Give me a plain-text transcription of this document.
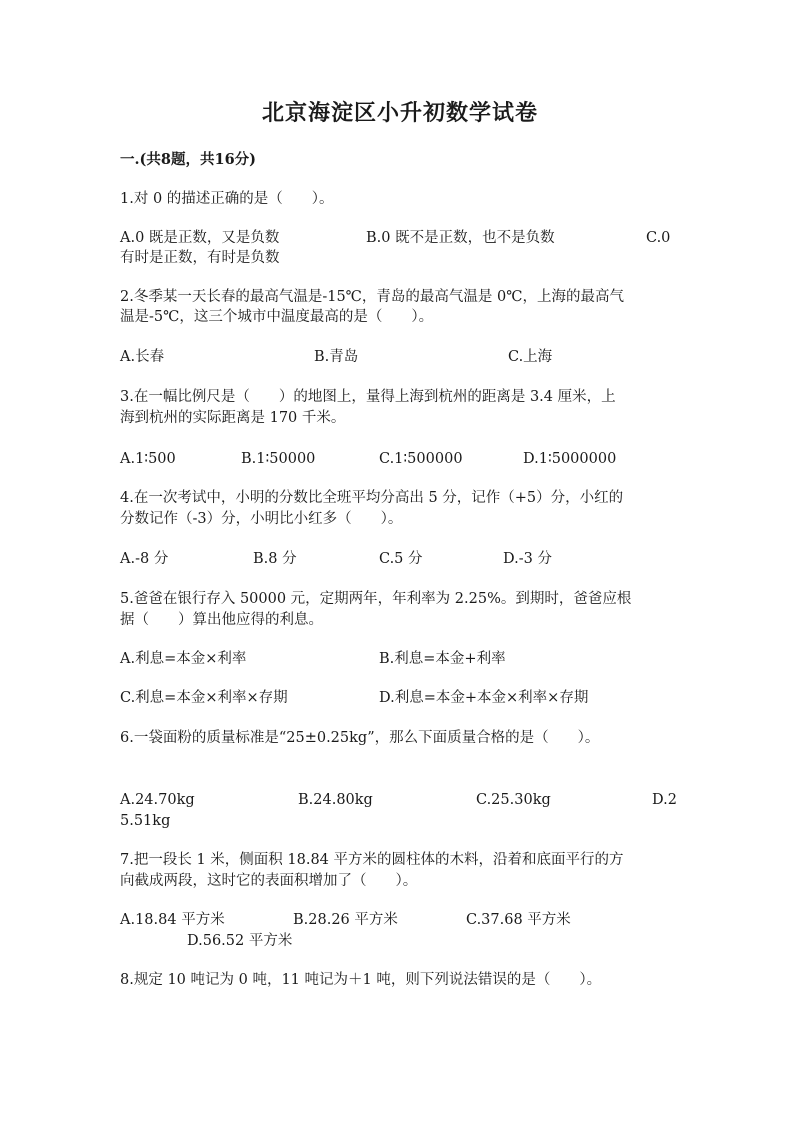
北京海淀区小升初数学试卷
一.(共8题，共16分)
1.对 0 的描述正确的是（　　）。
A.0 既是正数，又是负数	B.0 既不是正数，也不是负数	C.0
有时是正数，有时是负数
2.冬季某一天长春的最高气温是-15℃，青岛的最高气温是 0℃，上海的最高气
温是-5℃，这三个城市中温度最高的是（　　）。
A.长春	B.青岛	C.上海
3.在一幅比例尺是（　　）的地图上，量得上海到杭州的距离是 3.4 厘米，上
海到杭州的实际距离是 170 千米。
A.1∶500	B.1∶50000	C.1∶500000	D.1∶5000000
4.在一次考试中，小明的分数比全班平均分高出 5 分，记作（+5）分，小红的
分数记作（-3）分，小明比小红多（　　）。
A.-8 分	B.8 分	C.5 分	D.-3 分
5.爸爸在银行存入 50000 元，定期两年，年利率为 2.25%。到期时，爸爸应根
据（　　）算出他应得的利息。
A.利息=本金×利率	B.利息=本金+利率
C.利息=本金×利率×存期	D.利息=本金+本金×利率×存期
6.一袋面粉的质量标准是“25±0.25kg”，那么下面质量合格的是（　　）。
A.24.70kg	B.24.80kg	C.25.30kg	D.2
5.51kg
7.把一段长 1 米，侧面积 18.84 平方米的圆柱体的木料，沿着和底面平行的方
向截成两段，这时它的表面积增加了（　　）。
A.18.84 平方米	B.28.26 平方米	C.37.68 平方米
D.56.52 平方米
8.规定 10 吨记为 0 吨，11 吨记为＋1 吨，则下列说法错误的是（　　）。
